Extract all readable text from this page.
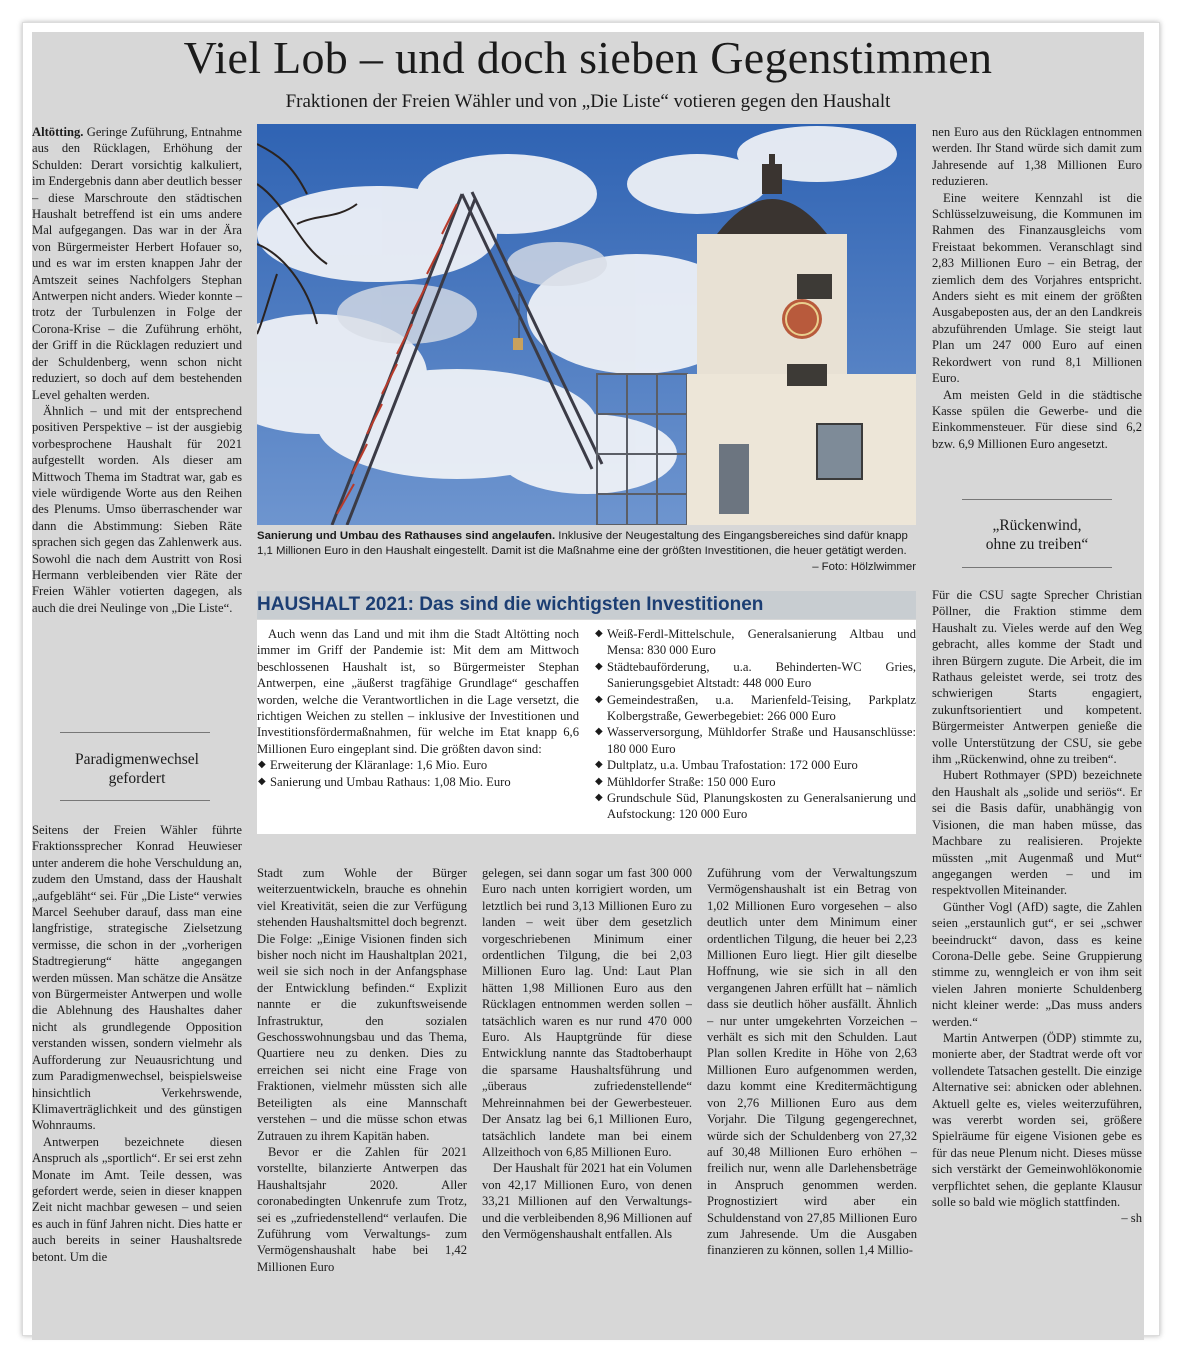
Viel Lob – und doch sieben Gegenstimmen
Fraktionen der Freien Wähler und von „Die Liste“ votieren gegen den Haushalt

Altötting. Geringe Zuführung, Entnahme aus den Rücklagen, Erhöhung der Schulden: Derart vorsichtig kalkuliert, im Endergebnis dann aber deutlich besser – diese Marschroute den städtischen Haushalt betreffend ist ein ums andere Mal aufgegangen. Das war in der Ära von Bürgermeister Herbert Hofauer so, und es war im ersten knappen Jahr der Amtszeit seines Nachfolgers Stephan Antwerpen nicht anders. Wieder konnte – trotz der Turbulenzen in Folge der Corona-Krise – die Zuführung erhöht, der Griff in die Rücklagen reduziert und der Schuldenberg, wenn schon nicht reduziert, so doch auf dem bestehenden Level gehalten werden.

Ähnlich – und mit der entsprechend positiven Perspektive – ist der ausgiebig vorbesprochene Haushalt für 2021 aufgestellt worden. Als dieser am Mittwoch Thema im Stadtrat war, gab es viele würdigende Worte aus den Reihen des Plenums. Umso überraschender war dann die Abstimmung: Sieben Räte sprachen sich gegen das Zahlenwerk aus. Sowohl die nach dem Austritt von Rosi Hermann verbleibenden vier Räte der Freien Wähler votierten dagegen, als auch die drei Neulinge von „Die Liste“.

Paradigmenwechsel
gefordert

Seitens der Freien Wähler führte Fraktionssprecher Konrad Heuwieser unter anderem die hohe Verschuldung an, zudem den Umstand, dass der Haushalt „aufgebläht“ sei. Für „Die Liste“ verwies Marcel Seehuber darauf, dass man eine langfristige, strategische Zielsetzung vermisse, die schon in der „vorherigen Stadtregierung“ hätte angegangen werden müssen. Man schätze die Ansätze von Bürgermeister Antwerpen und wolle die Ablehnung des Haushaltes daher nicht als grundlegende Opposition verstanden wissen, sondern vielmehr als Aufforderung zur Neuausrichtung und zum Paradigmenwechsel, beispielsweise hinsichtlich Verkehrswende, Klimaverträglichkeit und des günstigen Wohnraums.

Antwerpen bezeichnete diesen Anspruch als „sportlich“. Er sei erst zehn Monate im Amt. Teile dessen, was gefordert werde, seien in dieser knappen Zeit nicht machbar gewesen – und seien es auch in fünf Jahren nicht. Dies hatte er auch bereits in seiner Haushaltsrede betont. Um die

Sanierung und Umbau des Rathauses sind angelaufen. Inklusive der Neugestaltung des Eingangsbereiches sind dafür knapp 1,1 Millionen Euro in den Haushalt eingestellt. Damit ist die Maßnahme eine der größten Investitionen, die heuer getätigt werden.
– Foto: Hölzlwimmer
HAUSHALT 2021: Das sind die wichtigsten Investitionen

Auch wenn das Land und mit ihm die Stadt Altötting noch immer im Griff der Pandemie ist: Mit dem am Mittwoch beschlossenen Haushalt ist, so Bürgermeister Stephan Antwerpen, eine „äußerst tragfähige Grundlage“ geschaffen worden, welche die Verantwortlichen in die Lage versetzt, die richtigen Weichen zu stellen – inklusive der Investitionen und Investitionsfördermaßnahmen, für welche im Etat knapp 6,6 Millionen Euro eingeplant sind. Die größten davon sind:

◆ Erweiterung der Kläranlage: 1,6 Mio. Euro
◆ Sanierung und Umbau Rathaus: 1,08 Mio. Euro
◆ Weiß-Ferdl-Mittelschule, Generalsanierung Altbau und Mensa: 830 000 Euro
◆ Städtebauförderung, u.a. Behinderten-WC Gries, Sanierungsgebiet Altstadt: 448 000 Euro
◆ Gemeindestraßen, u.a. Marienfeld-Teising, Parkplatz Kolbergstraße, Gewerbegebiet: 266 000 Euro
◆ Wasserversorgung, Mühldorfer Straße und Hausanschlüsse: 180 000 Euro
◆ Dultplatz, u.a. Umbau Trafostation: 172 000 Euro
◆ Mühldorfer Straße: 150 000 Euro
◆ Grundschule Süd, Planungskosten zu Generalsanierung und Aufstockung: 120 000 Euro

Stadt zum Wohle der Bürger weiterzuentwickeln, brauche es ohnehin viel Kreativität, seien die zur Verfügung stehenden Haushaltsmittel doch begrenzt. Die Folge: „Einige Visionen finden sich bisher noch nicht im Haushaltplan 2021, weil sie sich noch in der Anfangsphase der Entwicklung befinden.“ Explizit nannte er die zukunftsweisende Infrastruktur, den sozialen Geschosswohnungsbau und das Thema, Quartiere neu zu denken. Dies zu erreichen sei nicht eine Frage von Fraktionen, vielmehr müssten sich alle Beteiligten als eine Mannschaft verstehen – und die müsse schon etwas Zutrauen zu ihrem Kapitän haben.

Bevor er die Zahlen für 2021 vorstellte, bilanzierte Antwerpen das Haushaltsjahr 2020. Aller coronabedingten Unkenrufe zum Trotz, sei es „zufriedenstellend“ verlaufen. Die Zuführung vom Verwaltungs- zum Vermögenshaushalt habe bei 1,42 Millionen Euro

gelegen, sei dann sogar um fast 300 000 Euro nach unten korrigiert worden, um letztlich bei rund 3,13 Millionen Euro zu landen – weit über dem gesetzlich vorgeschriebenen Minimum einer ordentlichen Tilgung, die bei 2,03 Millionen Euro lag. Und: Laut Plan hätten 1,98 Millionen Euro aus den Rücklagen entnommen werden sollen – tatsächlich waren es nur rund 470 000 Euro. Als Hauptgründe für diese Entwicklung nannte das Stadtoberhaupt die sparsame Haushaltsführung und „überaus zufriedenstellende“ Mehreinnahmen bei der Gewerbesteuer. Der Ansatz lag bei 6,1 Millionen Euro, tatsächlich landete man bei einem Allzeithoch von 6,85 Millionen Euro.

Der Haushalt für 2021 hat ein Volumen von 42,17 Millionen Euro, von denen 33,21 Millionen auf den Verwaltungs- und die verbleibenden 8,96 Millionen auf den Vermögenshaushalt entfallen. Als

Zuführung vom der Verwaltungszum Vermögenshaushalt ist ein Betrag von 1,02 Millionen Euro vorgesehen – also deutlich unter dem Minimum einer ordentlichen Tilgung, die heuer bei 2,23 Millionen Euro liegt. Hier gilt dieselbe Hoffnung, wie sie sich in all den vergangenen Jahren erfüllt hat – nämlich dass sie deutlich höher ausfällt. Ähnlich – nur unter umgekehrten Vorzeichen – verhält es sich mit den Schulden. Laut Plan sollen Kredite in Höhe von 2,63 Millionen Euro aufgenommen werden, dazu kommt eine Kreditermächtigung von 2,76 Millionen Euro aus dem Vorjahr. Die Tilgung gegengerechnet, würde sich der Schuldenberg von 27,32 auf 30,48 Millionen Euro erhöhen – freilich nur, wenn alle Darlehensbeträge in Anspruch genommen werden. Prognostiziert wird aber ein Schuldenstand von 27,85 Millionen Euro zum Jahresende. Um die Ausgaben finanzieren zu können, sollen 1,4 Millio-

nen Euro aus den Rücklagen entnommen werden. Ihr Stand würde sich damit zum Jahresende auf 1,38 Millionen Euro reduzieren.

Eine weitere Kennzahl ist die Schlüsselzuweisung, die Kommunen im Rahmen des Finanzausgleichs vom Freistaat bekommen. Veranschlagt sind 2,83 Millionen Euro – ein Betrag, der ziemlich dem des Vorjahres entspricht. Anders sieht es mit einem der größten Ausgabeposten aus, der an den Landkreis abzuführenden Umlage. Sie steigt laut Plan um 247 000 Euro auf einen Rekordwert von rund 8,1 Millionen Euro.

Am meisten Geld in die städtische Kasse spülen die Gewerbe- und die Einkommensteuer. Für diese sind 6,2 bzw. 6,9 Millionen Euro angesetzt.

„Rückenwind,
ohne zu treiben“

Für die CSU sagte Sprecher Christian Pöllner, die Fraktion stimme dem Haushalt zu. Vieles werde auf den Weg gebracht, alles komme der Stadt und ihren Bürgern zugute. Die Arbeit, die im Rathaus geleistet werde, sei trotz des schwierigen Starts engagiert, zukunftsorientiert und kompetent. Bürgermeister Antwerpen genieße die volle Unterstützung der CSU, sie gebe ihm „Rückenwind, ohne zu treiben“.

Hubert Rothmayer (SPD) bezeichnete den Haushalt als „solide und seriös“. Er sei die Basis dafür, unabhängig von Visionen, die man haben müsse, das Machbare zu realisieren. Projekte müssten „mit Augenmaß und Mut“ angegangen werden – und im respektvollen Miteinander.

Günther Vogl (AfD) sagte, die Zahlen seien „erstaunlich gut“, er sei „schwer beeindruckt“ davon, dass es keine Corona-Delle gebe. Seine Gruppierung stimme zu, wenngleich er von ihm seit vielen Jahren monierte Schuldenberg nicht kleiner werde: „Das muss anders werden.“

Martin Antwerpen (ÖDP) stimmte zu, monierte aber, der Stadtrat werde oft vor vollendete Tatsachen gestellt. Die einzige Alternative sei: abnicken oder ablehnen. Aktuell gelte es, vieles weiterzuführen, was vererbt worden sei, größere Spielräume für eigene Visionen gebe es für das neue Plenum nicht. Dieses müsse sich verstärkt der Gemeinwohlökonomie verpflichtet sehen, die geplante Klausur solle so bald wie möglich stattfinden.
– sh
